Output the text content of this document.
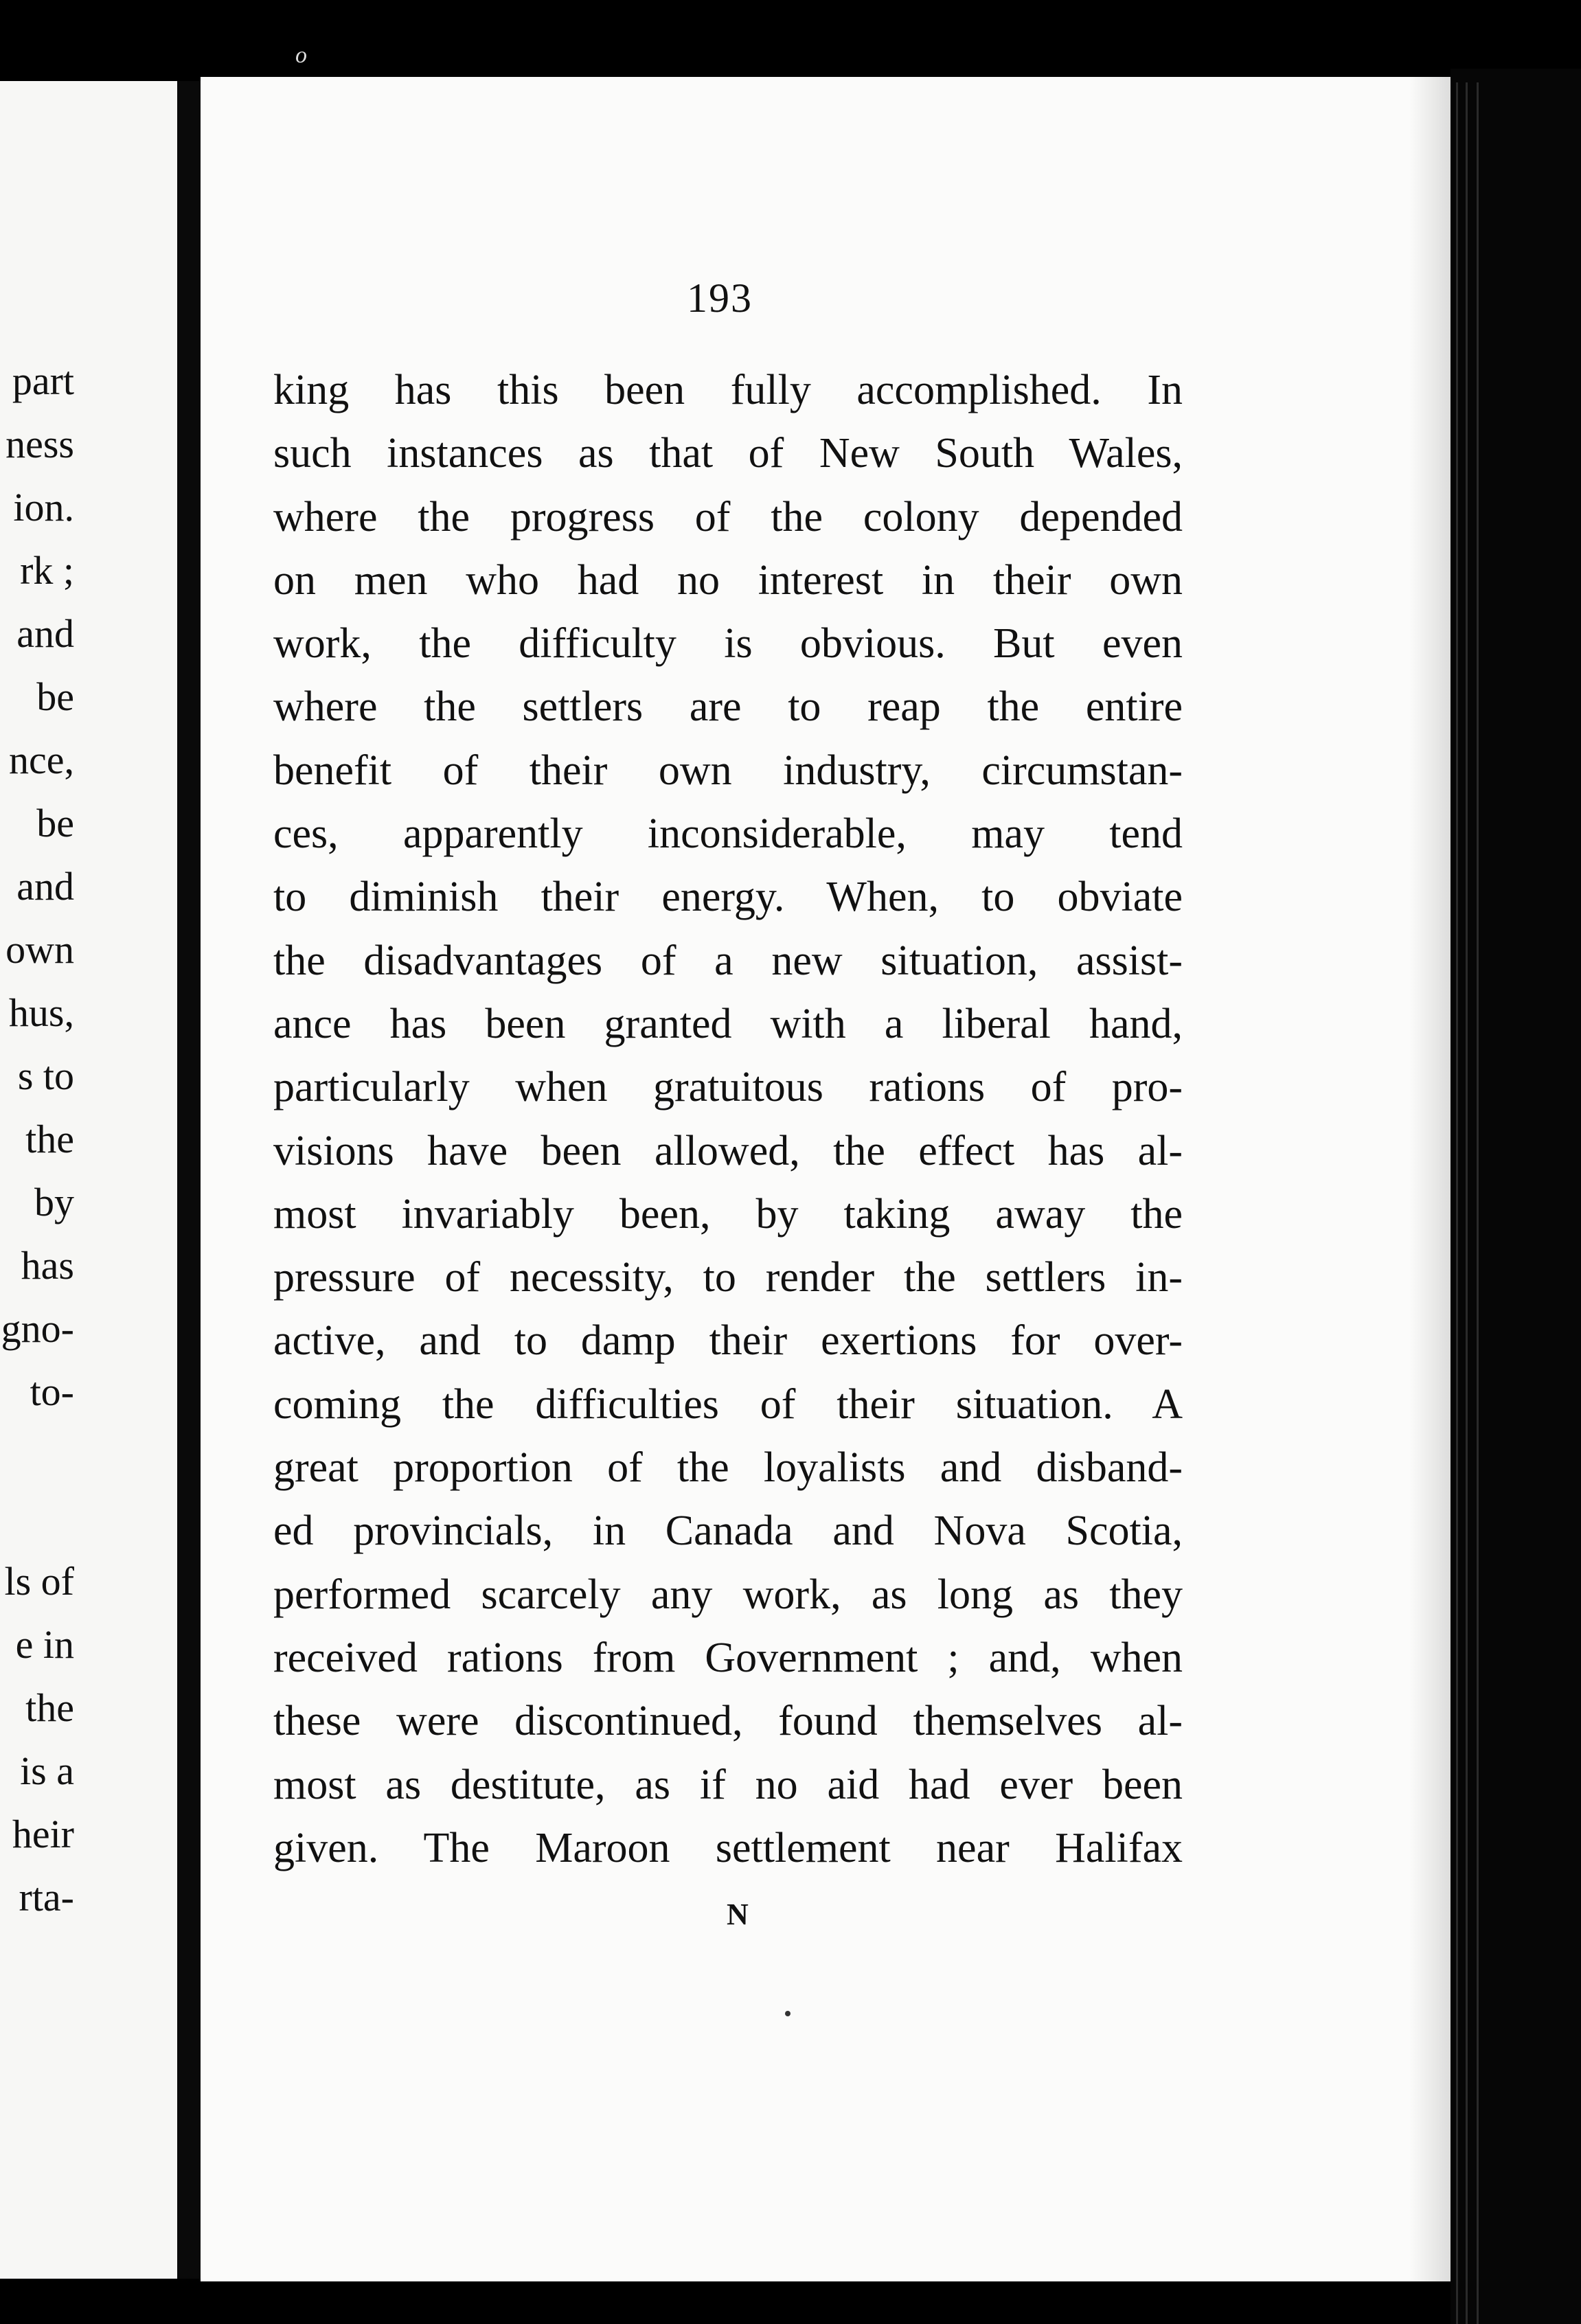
o
part
ness
ion.
rk ;
and
be
nce,
be
and
own
hus,
s to
the
by
has
gno-
to-
ls of
e in
the
is a
heir
rta-
193
king has this been fully accomplished. In
such instances as that of New South Wales,
where the progress of the colony depended
on men who had no interest in their own
work, the difficulty is obvious. But even
where the settlers are to reap the entire
benefit of their own industry, circumstan-
ces, apparently inconsiderable, may tend
to diminish their energy. When, to obviate
the disadvantages of a new situation, assist-
ance has been granted with a liberal hand,
particularly when gratuitous rations of pro-
visions have been allowed, the effect has al-
most invariably been, by taking away the
pressure of necessity, to render the settlers in-
active, and to damp their exertions for over-
coming the difficulties of their situation. A
great proportion of the loyalists and disband-
ed provincials, in Canada and Nova Scotia,
performed scarcely any work, as long as they
received rations from Government ; and, when
these were discontinued, found themselves al-
most as destitute, as if no aid had ever been
given. The Maroon settlement near Halifax
N
